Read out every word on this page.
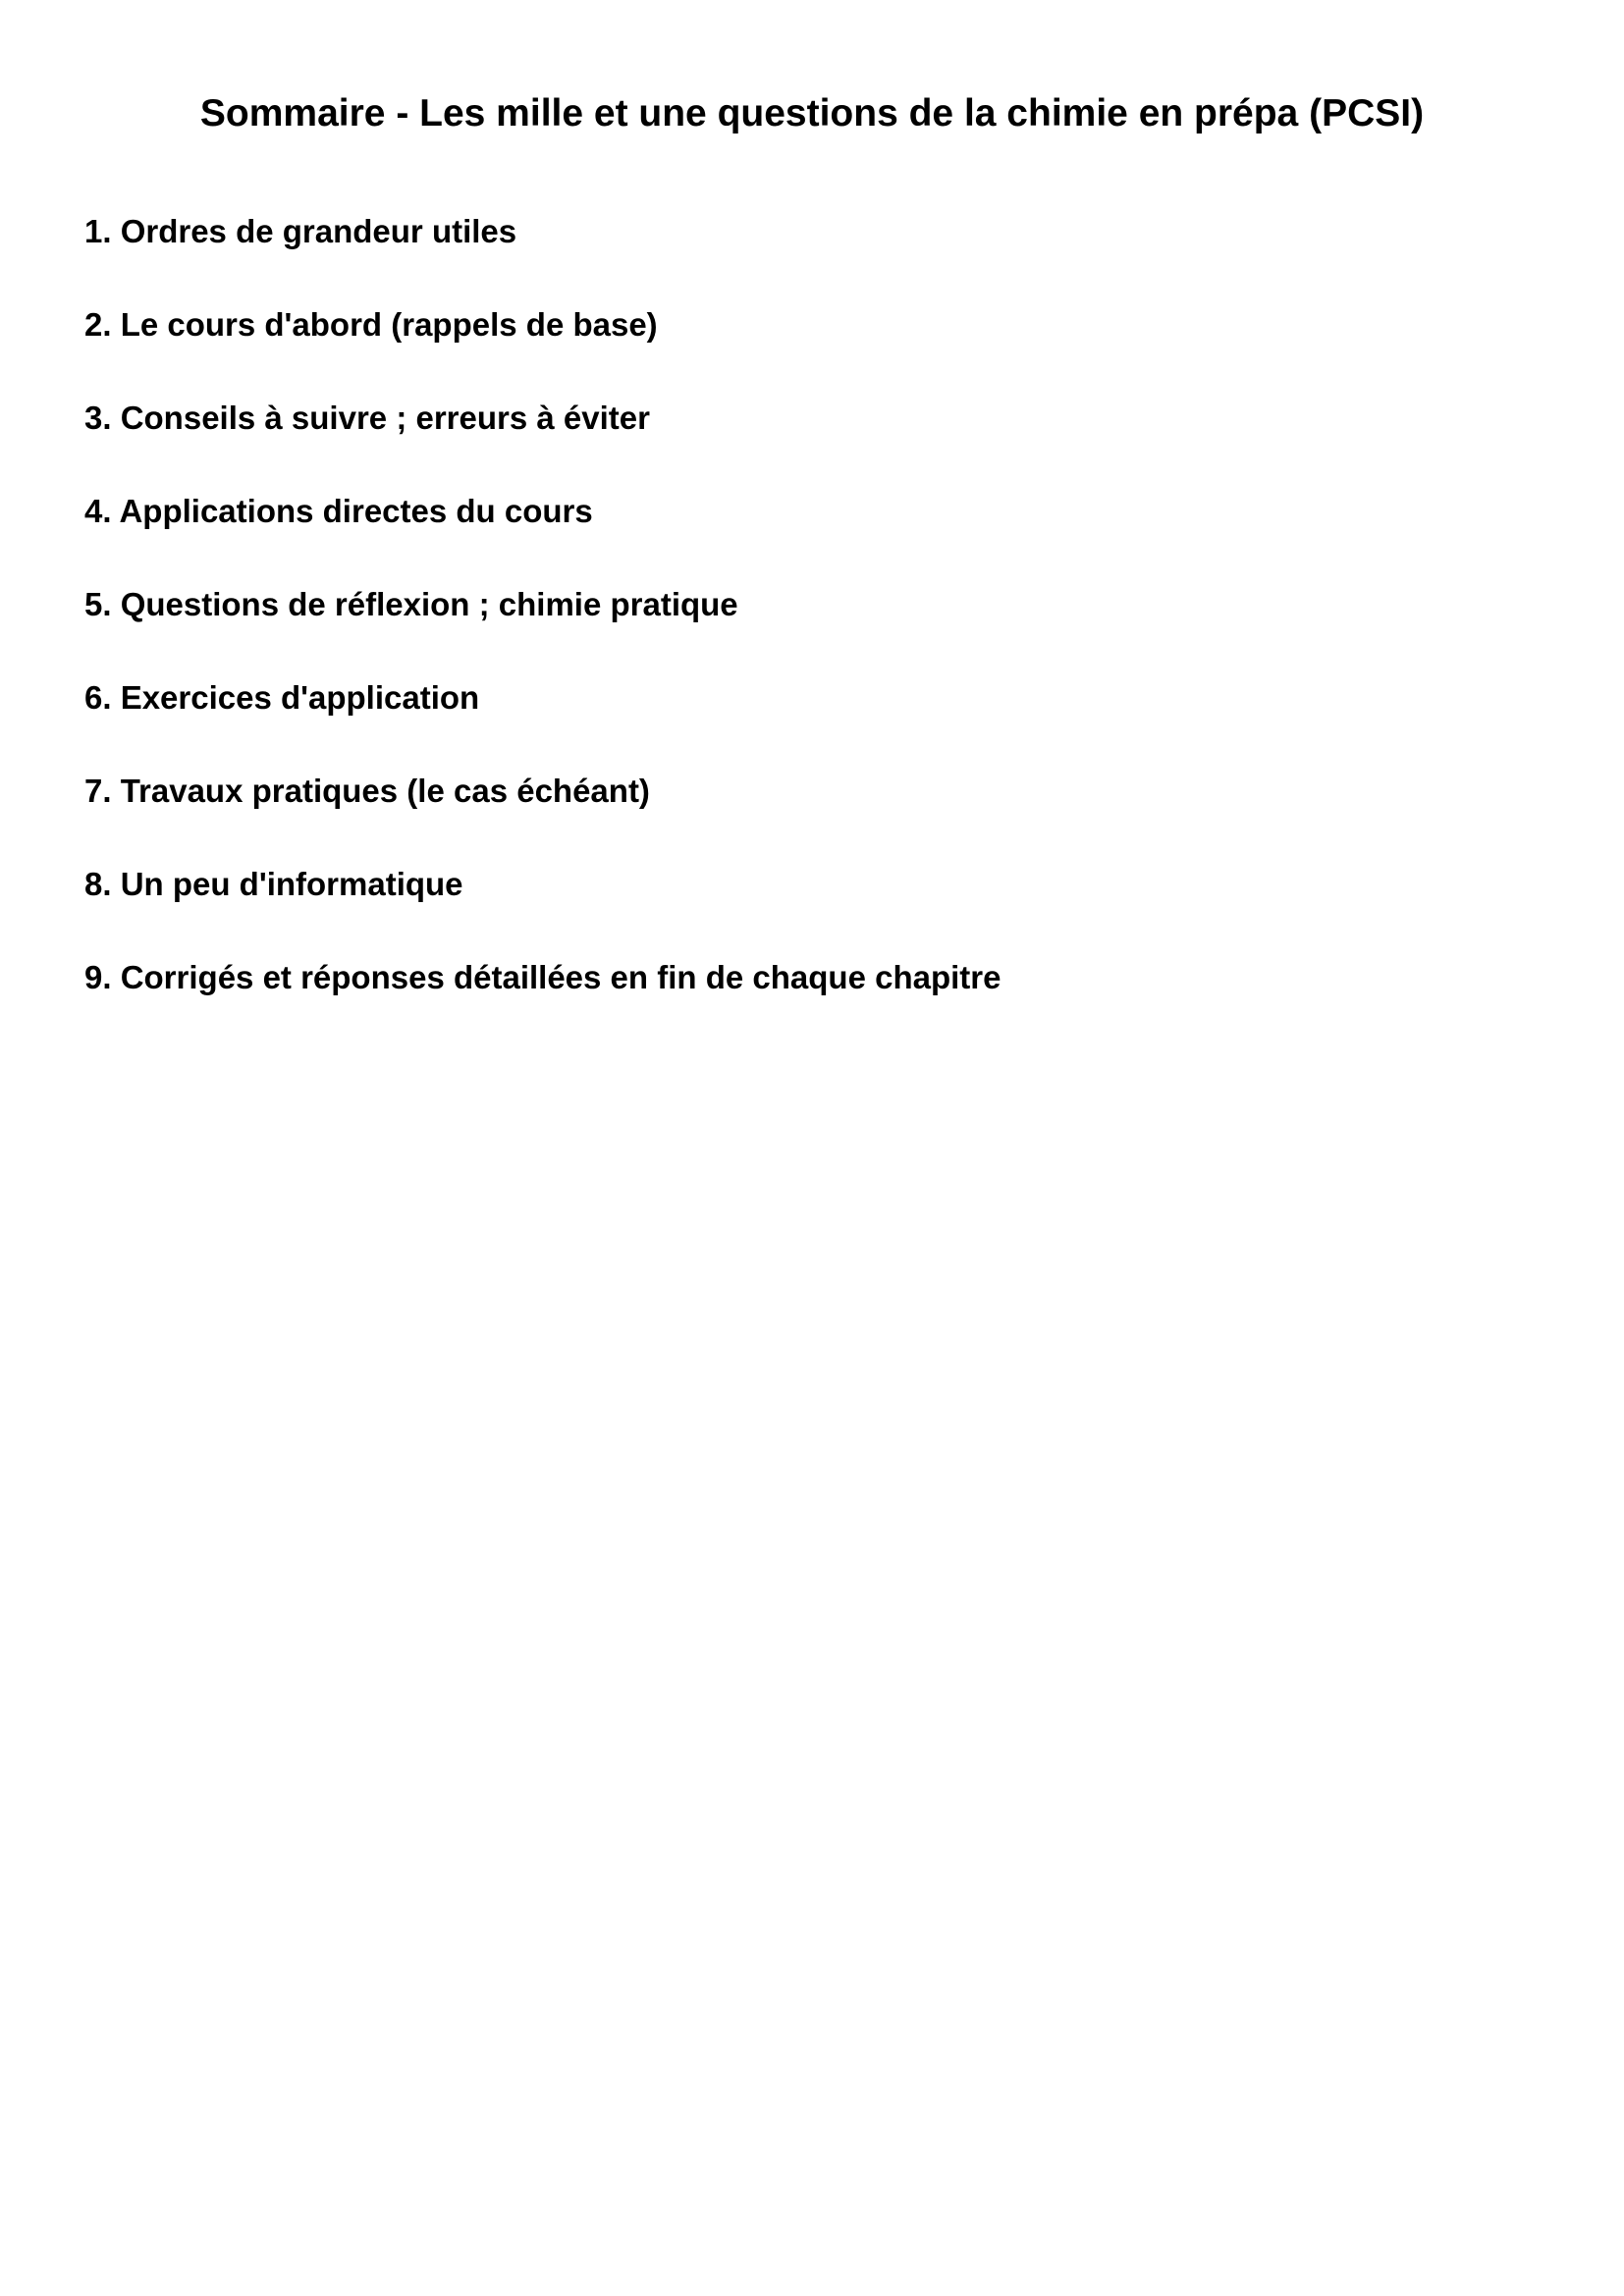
Sommaire - Les mille et une questions de la chimie en prépa (PCSI)
1. Ordres de grandeur utiles
2. Le cours d'abord (rappels de base)
3. Conseils à suivre ; erreurs à éviter
4. Applications directes du cours
5. Questions de réflexion ; chimie pratique
6. Exercices d'application
7. Travaux pratiques (le cas échéant)
8. Un peu d'informatique
9. Corrigés et réponses détaillées en fin de chaque chapitre
